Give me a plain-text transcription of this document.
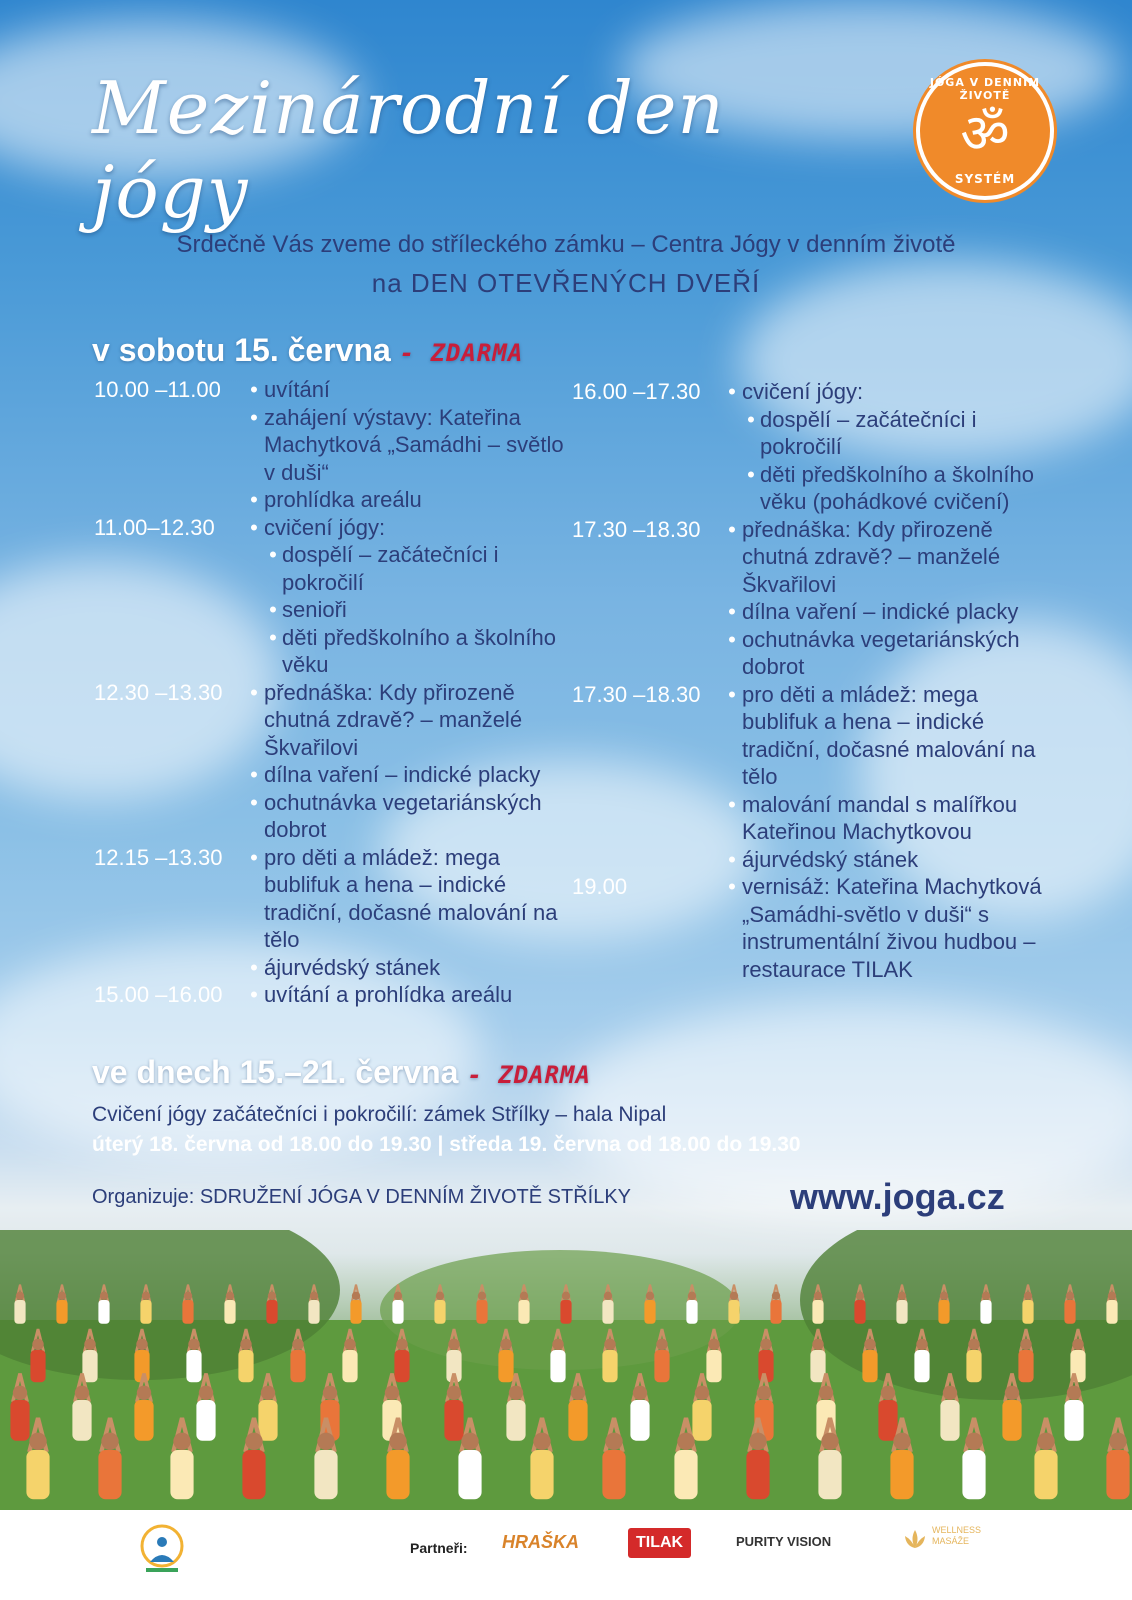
Mezinárodní den jógy
JÓGA V DENNÍM ŽIVOTĚ
ॐ
SYSTÉM
Srdečně Vás zveme do stříleckého zámku – Centra Jógy v denním životě
na DEN OTEVŘENÝCH DVEŘÍ
v sobotu 15. června - ZDARMA
10.00 –11.00	• uvítání
• zahájení výstavy: Kateřina Machytková „Samádhi – světlo v duši“
• prohlídka areálu
11.00–12.30	• cvičení jógy:
• dospělí – začátečníci i pokročilí
• senioři
• děti předškolního a školního věku
12.30 –13.30	• přednáška: Kdy přirozeně chutná zdravě? – manželé Škvařilovi
• dílna vaření – indické placky
• ochutnávka vegetariánských dobrot
12.15 –13.30	• pro děti a mládež: mega bublifuk a hena – indické tradiční, dočasné malování na tělo
• ájurvédský stánek
15.00 –16.00	• uvítání a prohlídka areálu
16.00 –17.30	• cvičení jógy:
• dospělí – začátečníci i pokročilí
• děti předškolního a školního věku (pohádkové cvičení)
17.30 –18.30	• přednáška: Kdy přirozeně chutná zdravě? – manželé Škvařilovi
• dílna vaření – indické placky
• ochutnávka vegetariánských dobrot
17.30 –18.30	• pro děti a mládež: mega bublifuk a hena – indické tradiční, dočasné malování na tělo
• malování mandal s malířkou Kateřinou Machytkovou
• ájurvédský stánek
19.00	• vernisáž: Kateřina Machytková „Samádhi-světlo v duši“ s instrumentální živou hudbou – restaurace TILAK
ve dnech 15.–21. června - ZDARMA
Cvičení jógy začátečníci i pokročilí: zámek Střílky – hala Nipal
úterý 18. června od 18.00 do 19.30 | středa 19. června od 18.00 do 19.30
Organizuje: SDRUŽENÍ JÓGA V DENNÍM ŽIVOTĚ STŘÍLKY	www.joga.cz
Partneři: HRAŠKA	TILAK	PURITY VISION
WELLNESS MASÁŽE
